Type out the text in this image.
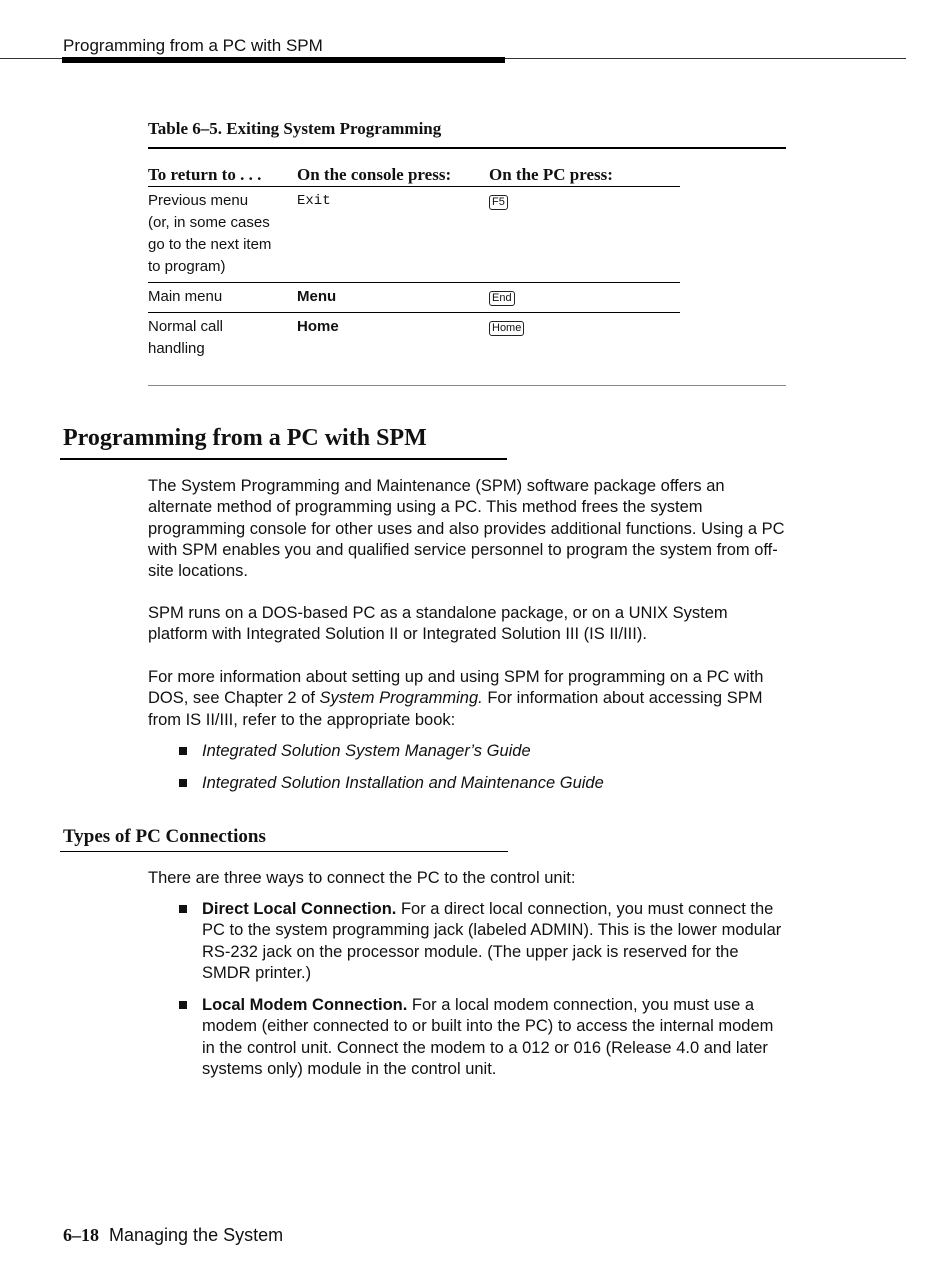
Programming from a PC with SPM
Table 6–5. Exiting System Programming
To return to . . .	On the console press:	On the PC press:
Previous menu
(or, in some cases
go to the next item
to program)	Exit	F5
Main menu	Menu	End
Normal call
handling	Home	Home
Programming from a PC with SPM

The System Programming and Maintenance (SPM) software package offers an alternate method of programming using a PC. This method frees the system programming console for other uses and also provides additional functions. Using a PC with SPM enables you and qualified service personnel to program the system from off-site locations.

SPM runs on a DOS-based PC as a standalone package, or on a UNIX System platform with Integrated Solution II or Integrated Solution III (IS II/III).

For more information about setting up and using SPM for programming on a PC with DOS, see Chapter 2 of System Programming. For information about accessing SPM from IS II/III, refer to the appropriate book:

Integrated Solution System Manager’s Guide
Integrated Solution Installation and Maintenance Guide
Types of PC Connections

There are three ways to connect the PC to the control unit:

Direct Local Connection. For a direct local connection, you must connect the PC to the system programming jack (labeled ADMIN). This is the lower modular RS-232 jack on the processor module. (The upper jack is reserved for the SMDR printer.)
Local Modem Connection. For a local modem connection, you must use a modem (either connected to or built into the PC) to access the internal modem in the control unit. Connect the modem to a 012 or 016 (Release 4.0 and later systems only) module in the control unit.
6–18 Managing the System
